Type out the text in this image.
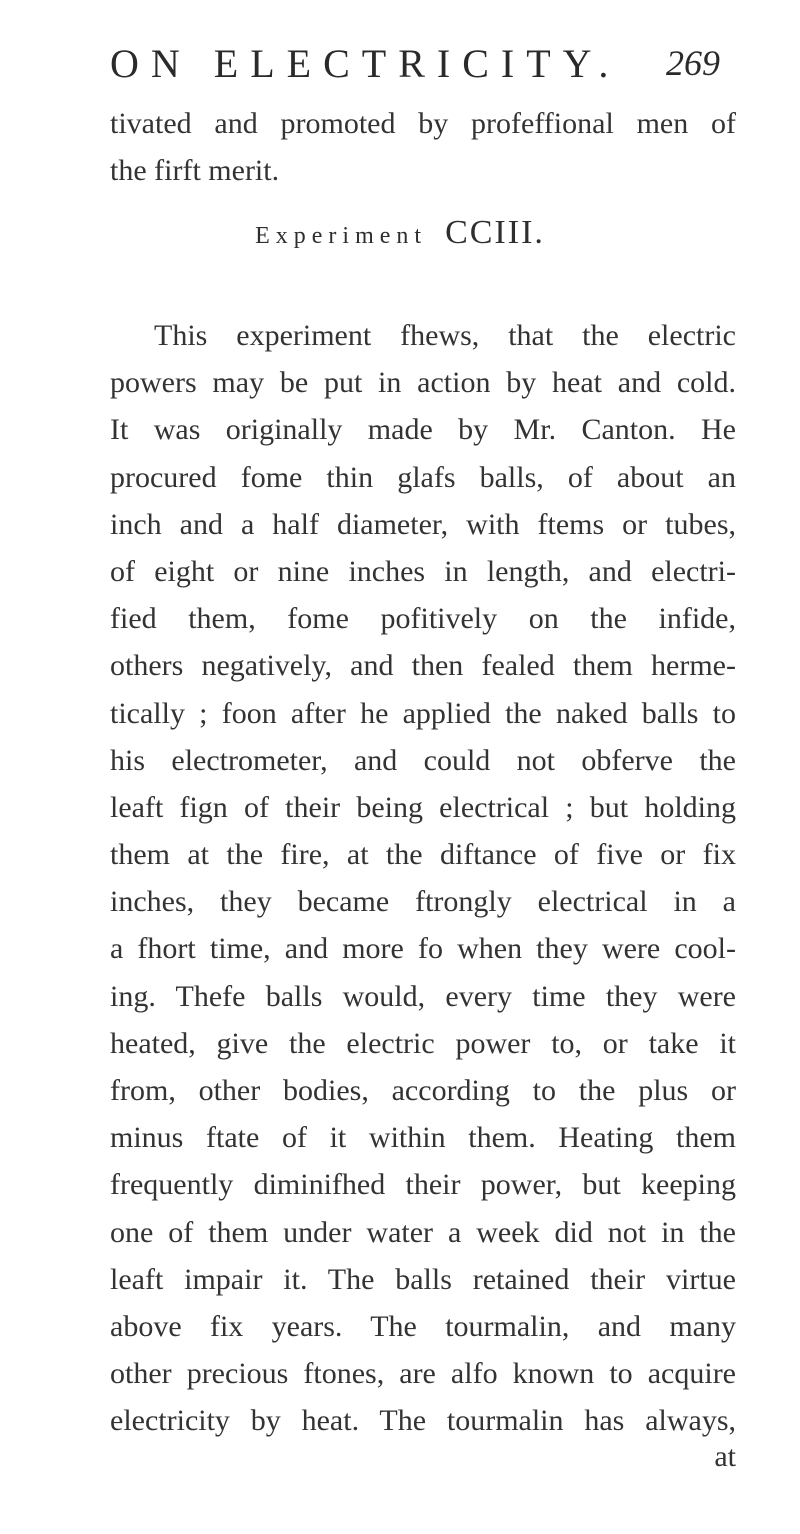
ON ELECTRICITY. 269
tivated and promoted by profeffional men of
the firft merit.
Experiment CCIII.
This experiment fhews, that the electric
powers may be put in action by heat and cold.
It was originally made by Mr. Canton. He
procured fome thin glafs balls, of about an
inch and a half diameter, with ftems or tubes,
of eight or nine inches in length, and electri-
fied them, fome pofitively on the infide,
others negatively, and then fealed them herme-
tically ; foon after he applied the naked balls to
his electrometer, and could not obferve the
leaft fign of their being electrical ; but holding
them at the fire, at the diftance of five or fix
inches, they became ftrongly electrical in a
a fhort time, and more fo when they were cool-
ing. Thefe balls would, every time they were
heated, give the electric power to, or take it
from, other bodies, according to the plus or
minus ftate of it within them. Heating them
frequently diminifhed their power, but keeping
one of them under water a week did not in the
leaft impair it. The balls retained their virtue
above fix years. The tourmalin, and many
other precious ftones, are alfo known to acquire
electricity by heat. The tourmalin has always,
at
